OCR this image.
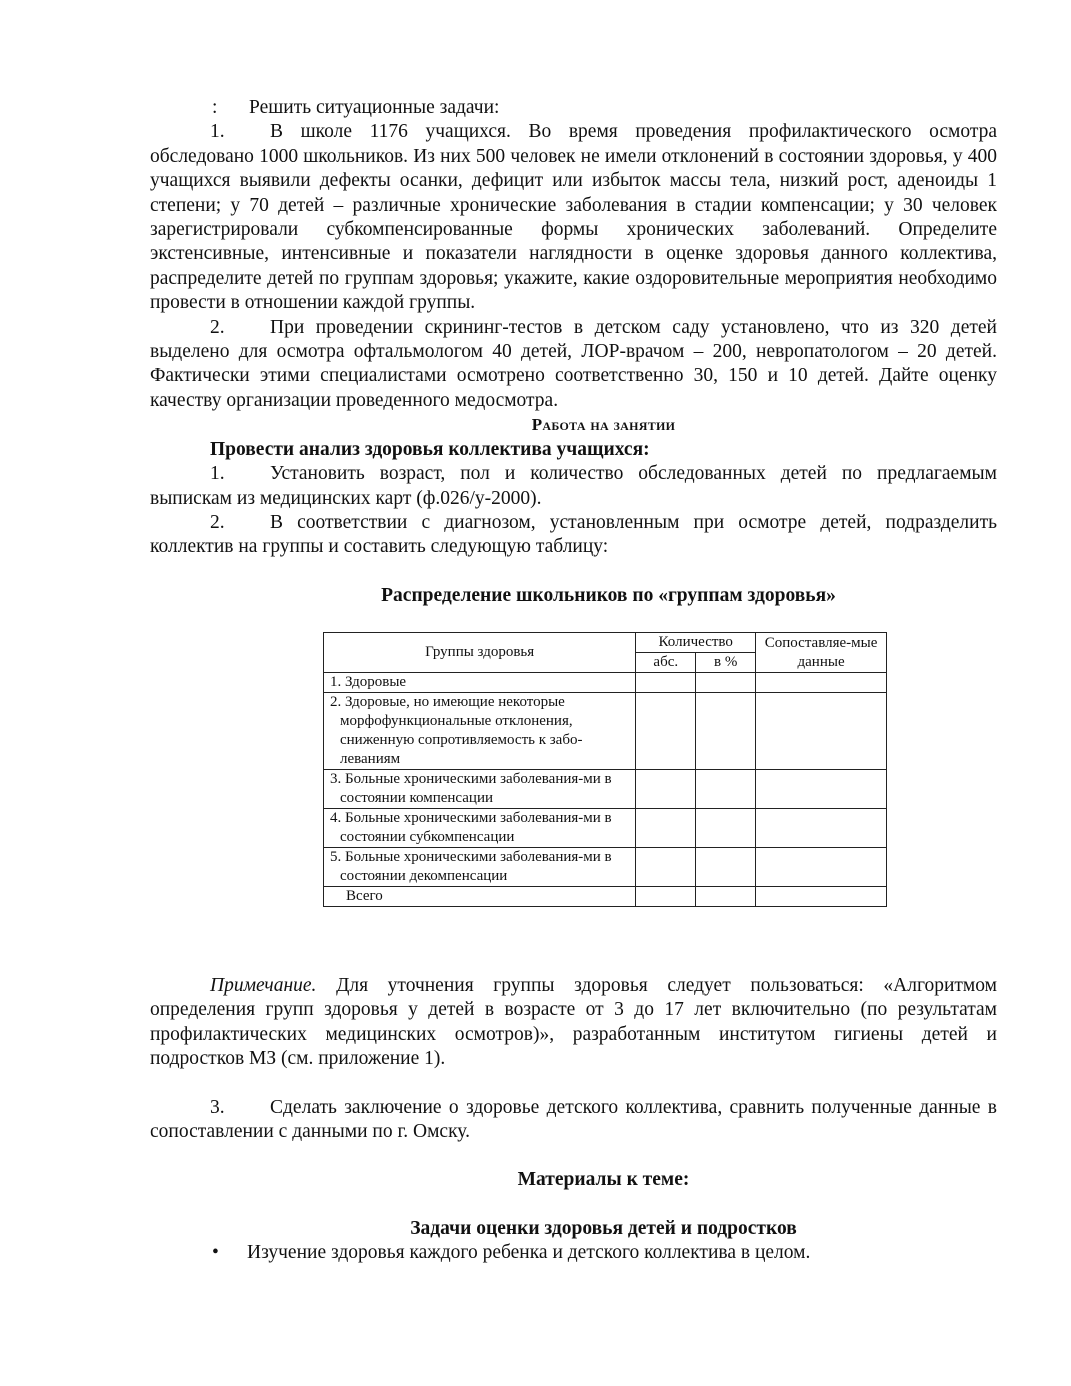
: Решить ситуационные задачи:

1. В школе 1176 учащихся. Во время проведения профилактического осмотра обследовано 1000 школьников. Из них 500 человек не имели отклонений в состоянии здоровья, у 400 учащихся выявили дефекты осанки, дефицит или избыток массы тела, низкий рост, аденоиды 1 степени; у 70 детей – различные хронические заболевания в стадии компенсации; у 30 человек зарегистрировали субкомпенсированные формы хронических заболеваний. Определите экстенсивные, интенсивные и показатели наглядности в оценке здоровья данного коллектива, распределите детей по группам здоровья; укажите, какие оздоровительные мероприятия необходимо провести в отношении каждой группы.

2. При проведении скрининг-тестов в детском саду установлено, что из 320 детей выделено для осмотра офтальмологом 40 детей, ЛОР-врачом – 200, невропатологом – 20 детей. Фактически этими специалистами осмотрено соответственно 30, 150 и 10 детей. Дайте оценку качеству организации проведенного медосмотра.

Работа на занятии

Провести анализ здоровья коллектива учащихся:

1. Установить возраст, пол и количество обследованных детей по предлагаемым выпискам из медицинских карт (ф.026/у-2000).

2. В соответствии с диагнозом, установленным при осмотре детей, подразделить коллектив на группы и составить следующую таблицу:

Распределение школьников по «группам здоровья»

Группы здоровья	Количество		Сопоставляе-мые данные
	абс.	в %	
1. Здоровые			
2. Здоровые, но имеющие некоторые морфофункциональные отклонения, сниженную сопротивляемость к забо-леваниям			
3. Больные хроническими заболевания-ми в состоянии компенсации			
4. Больные хроническими заболевания-ми в состоянии субкомпенсации			
5. Больные хроническими заболевания-ми в состоянии декомпенсации			
Всего			

Примечание. Для уточнения группы здоровья следует пользоваться: «Алгоритмом определения групп здоровья у детей в возрасте от 3 до 17 лет включительно (по результатам профилактических медицинских осмотров)», разработанным институтом гигиены детей и подростков МЗ (см. приложение 1).

3. Сделать заключение о здоровье детского коллектива, сравнить полученные данные в сопоставлении с данными по г. Омску.

Материалы к теме:

Задачи оценки здоровья детей и подростков

• Изучение здоровья каждого ребенка и детского коллектива в целом.
